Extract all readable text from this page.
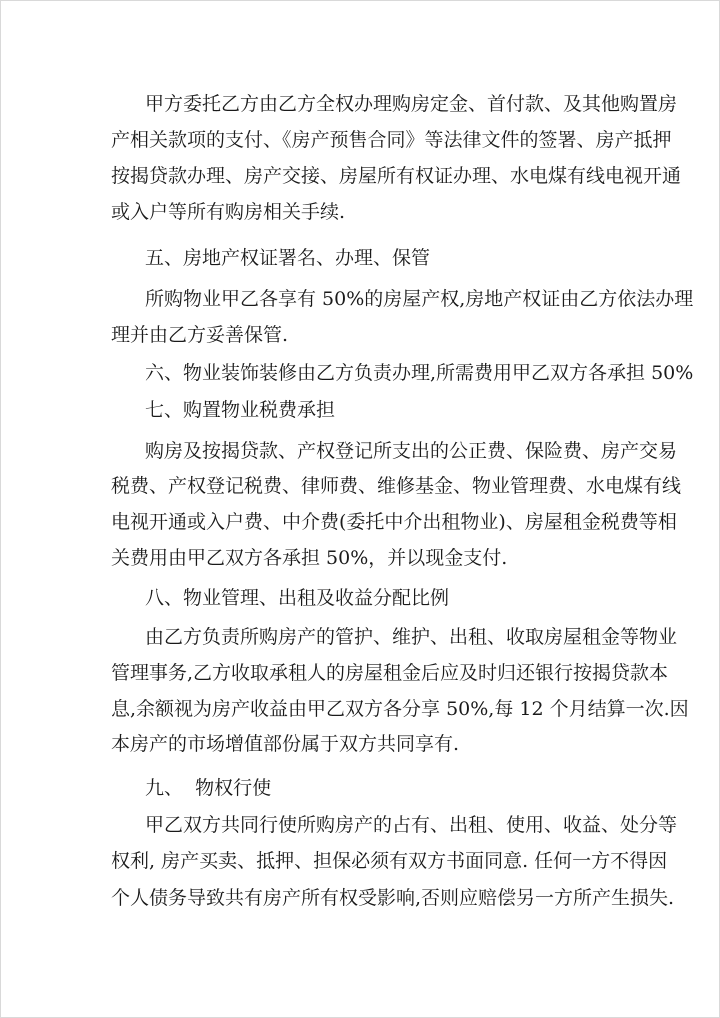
甲方委托乙方由乙方全权办理购房定金、首付款、及其他购置房
产相关款项的支付、《房产预售合同》等法律文件的签署、房产抵押
按揭贷款办理、房产交接、房屋所有权证办理、水电煤有线电视开通
或入户等所有购房相关手续.
五、房地产权证署名、办理、保管
所购物业甲乙各享有 50%的房屋产权,房地产权证由乙方依法办理
理并由乙方妥善保管.
六、物业装饰装修由乙方负责办理,所需费用甲乙双方各承担 50%
七、购置物业税费承担
购房及按揭贷款、产权登记所支出的公正费、保险费、房产交易
税费、产权登记税费、律师费、维修基金、物业管理费、水电煤有线
电视开通或入户费、中介费(委托中介出租物业)、房屋租金税费等相
关费用由甲乙双方各承担 50%，并以现金支付.
八、物业管理、出租及收益分配比例
由乙方负责所购房产的管护、维护、出租、收取房屋租金等物业
管理事务,乙方收取承租人的房屋租金后应及时归还银行按揭贷款本
息,余额视为房产收益由甲乙双方各分享 50%,每 12 个月结算一次.因
本房产的市场增值部份属于双方共同享有.
九、  物权行使
甲乙双方共同行使所购房产的占有、出租、使用、收益、处分等
权利, 房产买卖、抵押、担保必须有双方书面同意. 任何一方不得因
个人债务导致共有房产所有权受影响,否则应赔偿另一方所产生损失.
